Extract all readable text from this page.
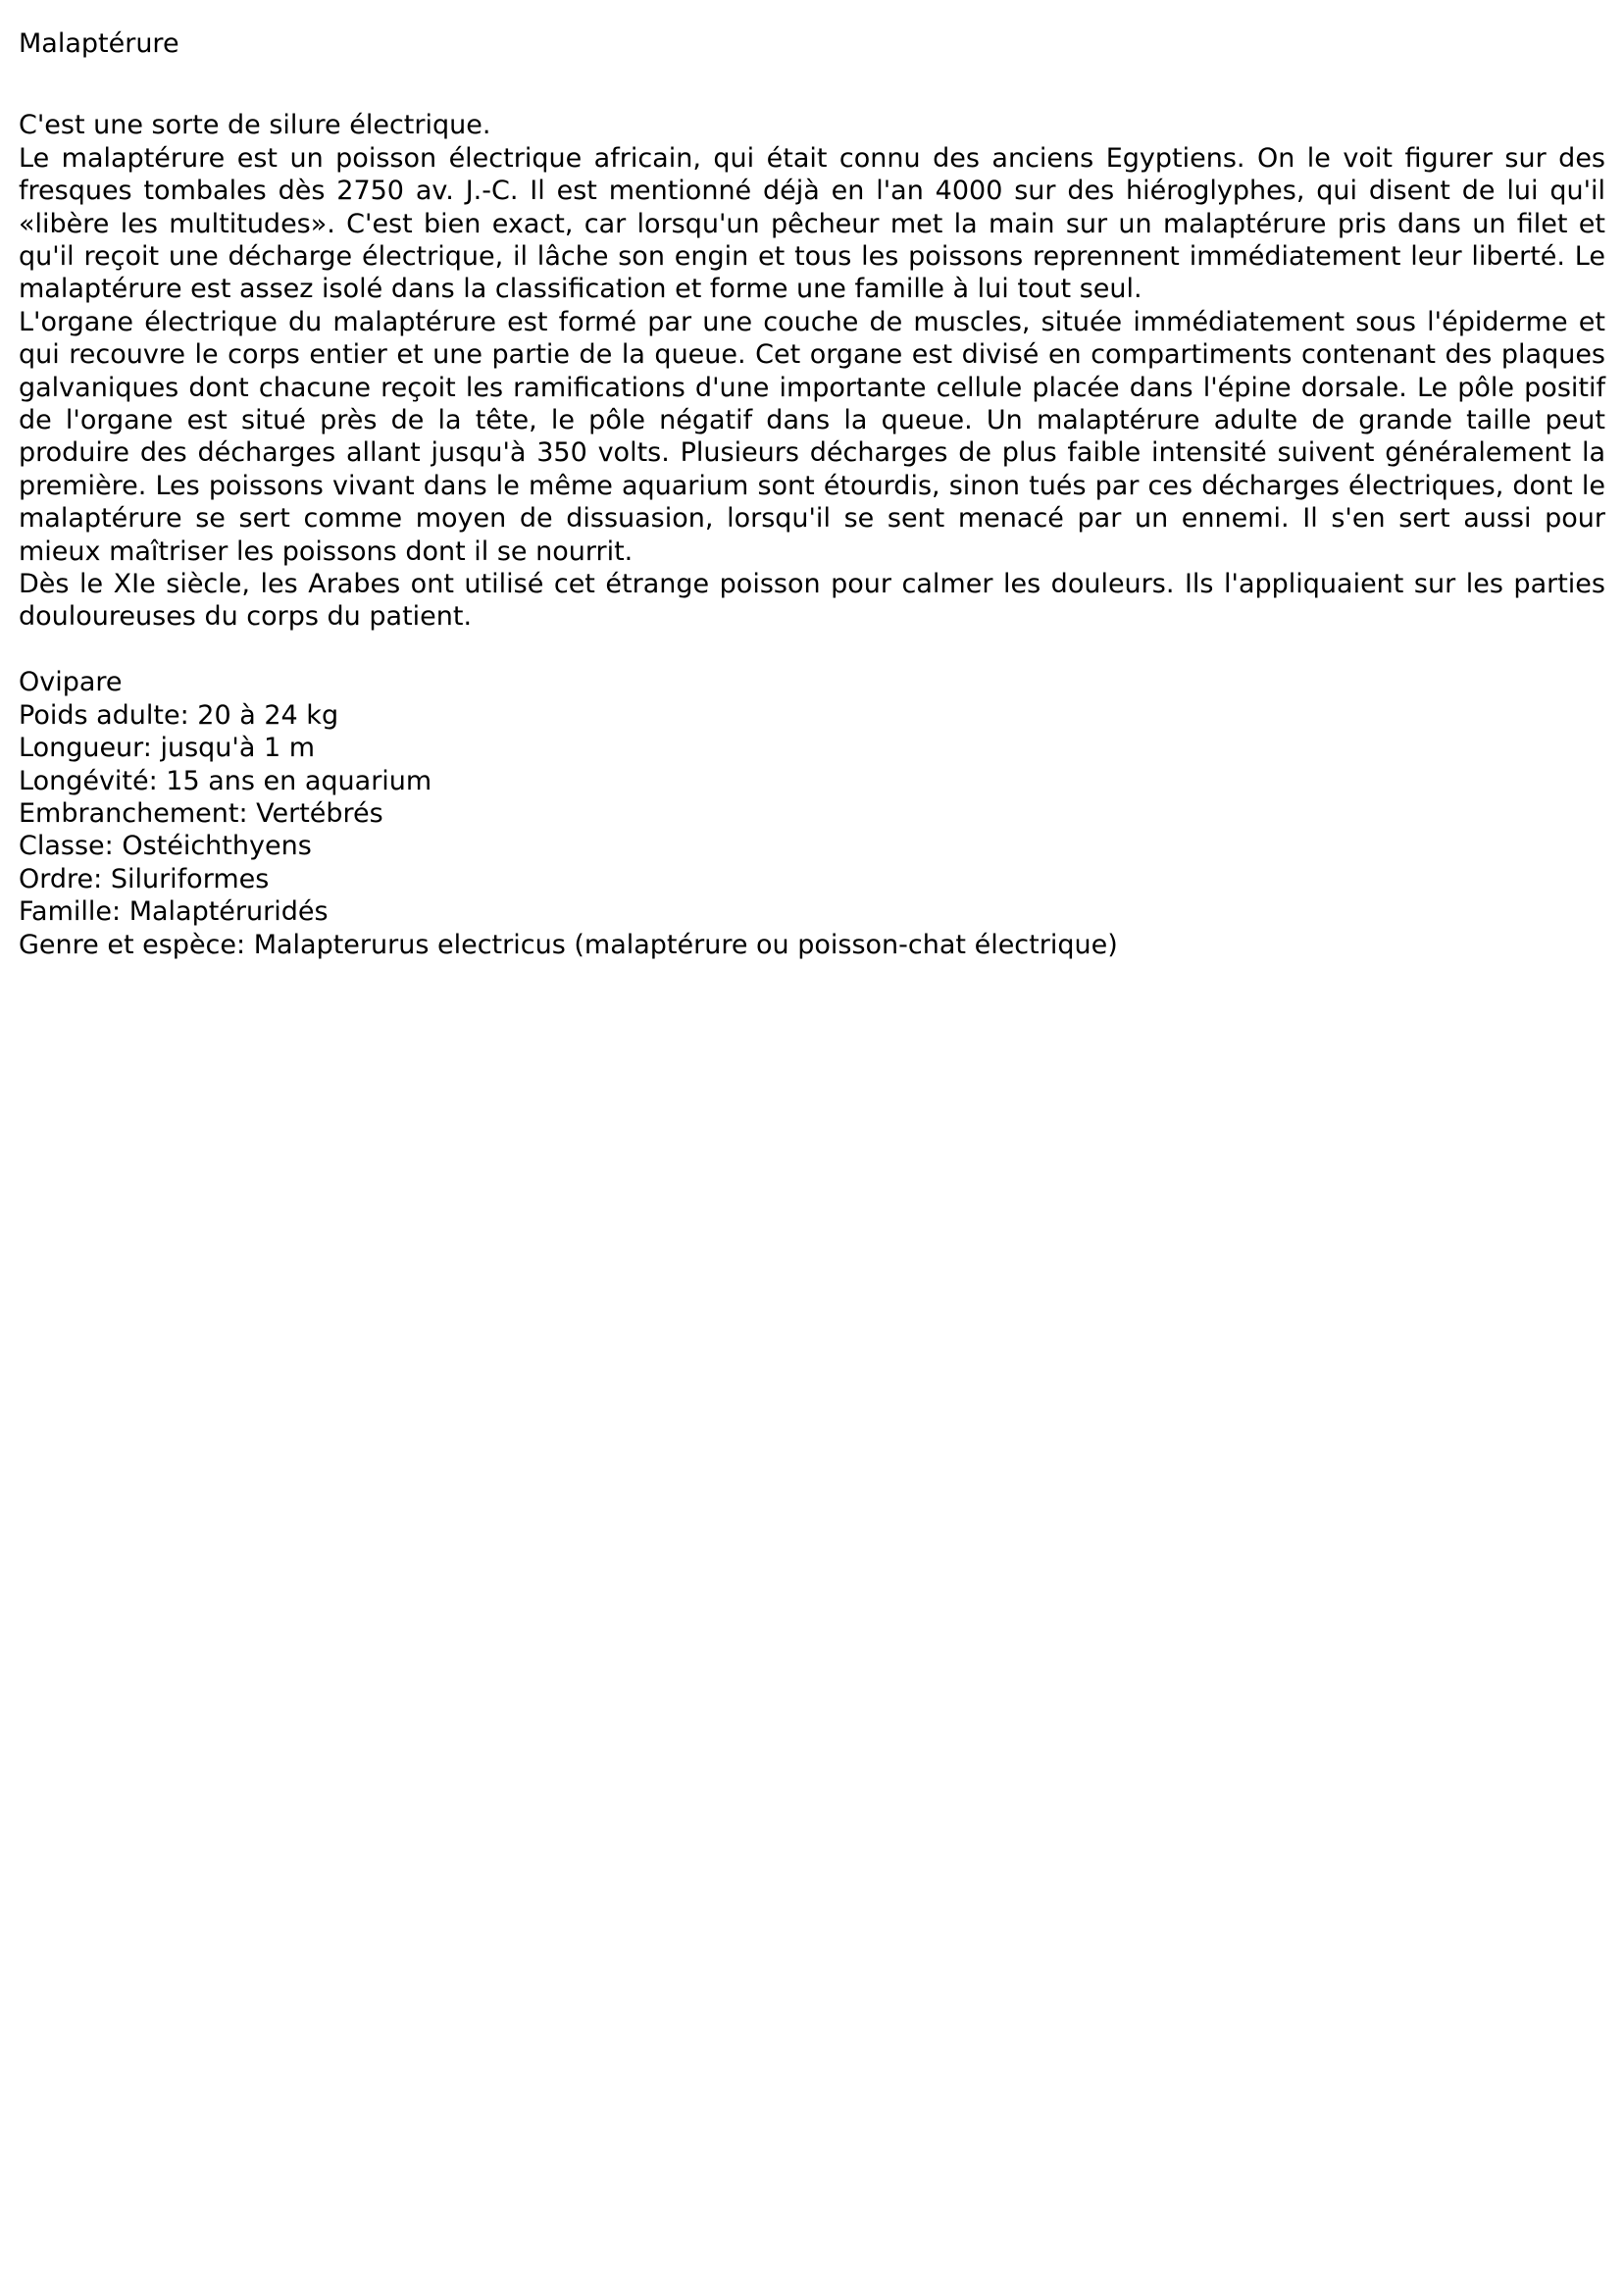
Malaptérure

C'est une sorte de silure électrique.

Le malaptérure est un poisson électrique africain, qui était connu des anciens Egyptiens. On le voit figurer sur des fresques tombales dès 2750 av. J.-C. Il est mentionné déjà en l'an 4000 sur des hiéroglyphes, qui disent de lui qu'il «libère les multitudes». C'est bien exact, car lorsqu'un pêcheur met la main sur un malaptérure pris dans un filet et qu'il reçoit une décharge électrique, il lâche son engin et tous les poissons reprennent immédiatement leur liberté. Le malaptérure est assez isolé dans la classification et forme une famille à lui tout seul.

L'organe électrique du malaptérure est formé par une couche de muscles, située immédiatement sous l'épiderme et qui recouvre le corps entier et une partie de la queue. Cet organe est divisé en compartiments contenant des plaques galvaniques dont chacune reçoit les ramifications d'une importante cellule placée dans l'épine dorsale. Le pôle positif de l'organe est situé près de la tête, le pôle négatif dans la queue. Un malaptérure adulte de grande taille peut produire des décharges allant jusqu'à 350 volts. Plusieurs décharges de plus faible intensité suivent généralement la première. Les poissons vivant dans le même aquarium sont étourdis, sinon tués par ces décharges électriques, dont le malaptérure se sert comme moyen de dissuasion, lorsqu'il se sent menacé par un ennemi. Il s'en sert aussi pour mieux maîtriser les poissons dont il se nourrit.

Dès le XIe siècle, les Arabes ont utilisé cet étrange poisson pour calmer les douleurs. Ils l'appliquaient sur les parties douloureuses du corps du patient.

Ovipare
Poids adulte: 20 à 24 kg
Longueur: jusqu'à 1 m
Longévité: 15 ans en aquarium
Embranchement: Vertébrés
Classe: Ostéichthyens
Ordre: Siluriformes
Famille: Malaptéruridés
Genre et espèce: Malapterurus electricus (malaptérure ou poisson-chat électrique)
